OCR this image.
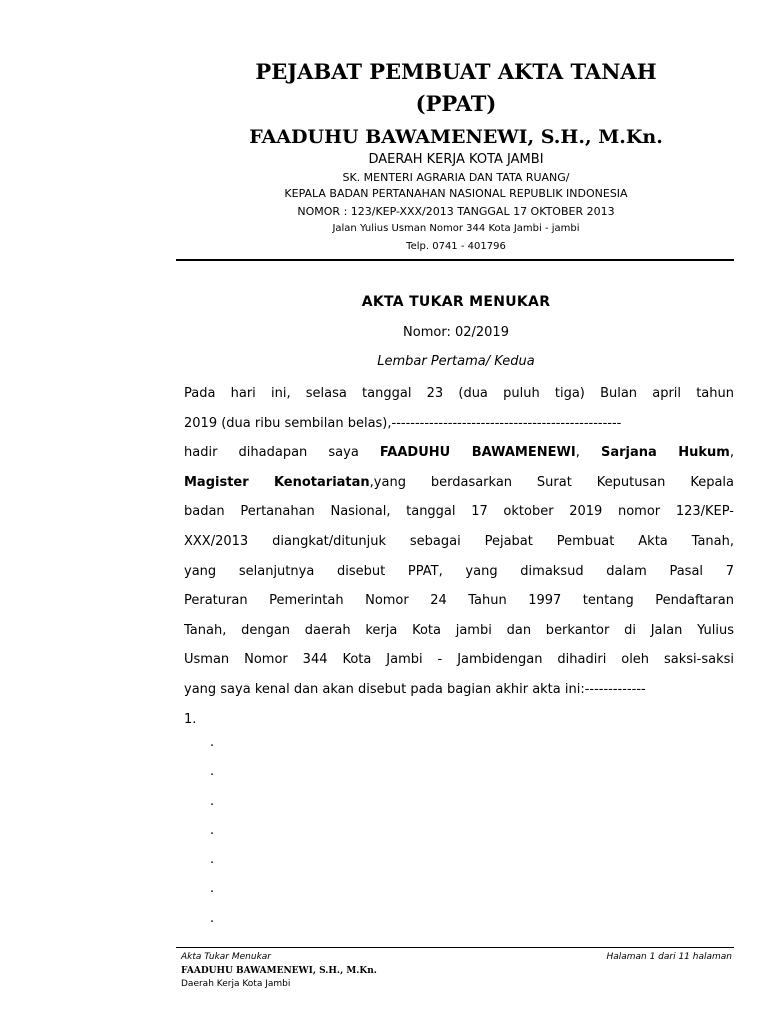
PEJABAT PEMBUAT AKTA TANAH
(PPAT)
FAADUHU BAWAMENEWI, S.H., M.Kn.
DAERAH KERJA KOTA JAMBI
SK. MENTERI AGRARIA DAN TATA RUANG/
KEPALA BADAN PERTANAHAN NASIONAL REPUBLIK INDONESIA
NOMOR : 123/KEP-XXX/2013 TANGGAL 17 OKTOBER 2013
Jalan Yulius Usman Nomor 344 Kota Jambi - jambi
Telp. 0741 - 401796
AKTA TUKAR MENUKAR
Nomor: 02/2019
Lembar Pertama/ Kedua
Pada hari ini, selasa tanggal 23 (dua puluh tiga) Bulan april tahun
2019 (dua ribu sembilan belas),-------------------------------------------------
hadir dihadapan saya FAADUHU BAWAMENEWI, Sarjana Hukum,
Magister Kenotariatan,yang berdasarkan Surat Keputusan Kepala
badan Pertanahan Nasional, tanggal 17 oktober 2019 nomor 123/KEP-
XXX/2013 diangkat/ditunjuk sebagai Pejabat Pembuat Akta Tanah,
yang selanjutnya disebut PPAT, yang dimaksud dalam Pasal 7
Peraturan Pemerintah Nomor 24 Tahun 1997 tentang Pendaftaran
Tanah, dengan daerah kerja Kota jambi dan berkantor di Jalan Yulius
Usman Nomor 344 Kota Jambi - Jambidengan dihadiri oleh saksi-saksi
yang saya kenal dan akan disebut pada bagian akhir akta ini:-------------
1.
.
.
.
.
.
.
.
Akta Tukar Menukar	Halaman 1 dari 11 halaman
FAADUHU BAWAMENEWI, S.H., M.Kn.
Daerah Kerja Kota Jambi
